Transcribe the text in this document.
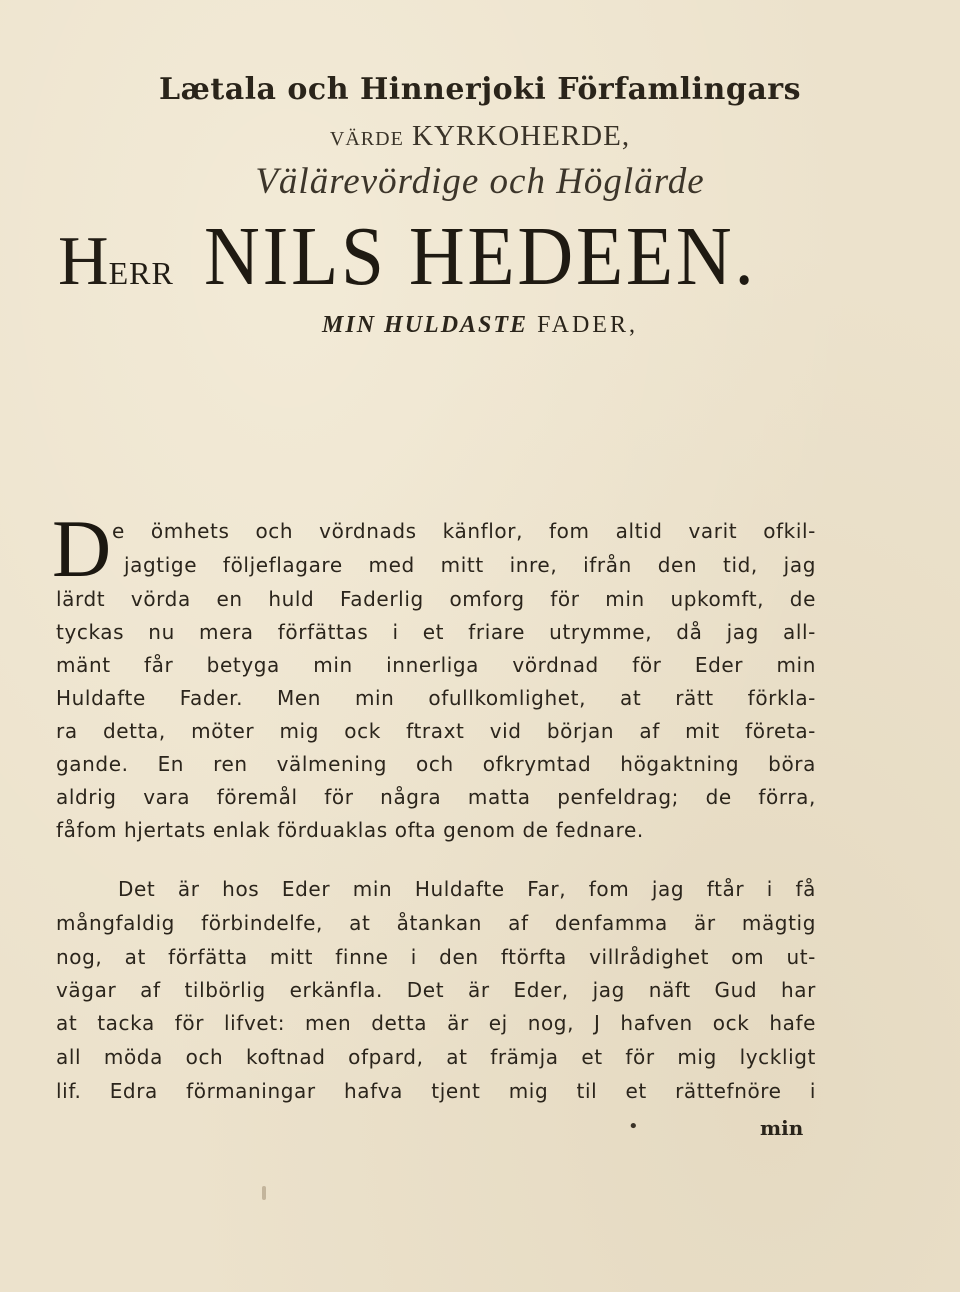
Lætala och Hinnerjoki Förfamlingars
VÄRDE KYRKOHERDE,
Välärevördige och Höglärde
HERR NILS HEDEEN.
MIN HULDASTE FADER,
D e ömhets och vördnads känflor, fom altid varit ofkil-
jagtige följeflagare med mitt inre, ifrån den tid, jag
lärdt vörda en huld Faderlig omforg för min upkomft, de
tyckas nu mera förfättas i et friare utrymme, då jag all-
mänt får betyga min innerliga vördnad för Eder min
Huldafte Fader. Men min ofullkomlighet, at rätt förkla-
ra detta, möter mig ock ftraxt vid början af mit företa-
gande. En ren välmening och ofkrymtad högaktning böra
aldrig vara föremål för några matta penfeldrag; de förra,
fåfom hjertats enlak förduaklas ofta genom de fednare.
Det är hos Eder min Huldafte Far, fom jag ftår i få
mångfaldig förbindelfe, at åtankan af denfamma är mägtig
nog, at förfätta mitt finne i den ftörfta villrådighet om ut-
vägar af tilbörlig erkänfla. Det är Eder, jag näft Gud har
at tacka för lifvet: men detta är ej nog, J hafven ock hafe
all möda och koftnad ofpard, at främja et för mig lyckligt
lif. Edra förmaningar hafva tjent mig til et rättefnöre i
•	min
